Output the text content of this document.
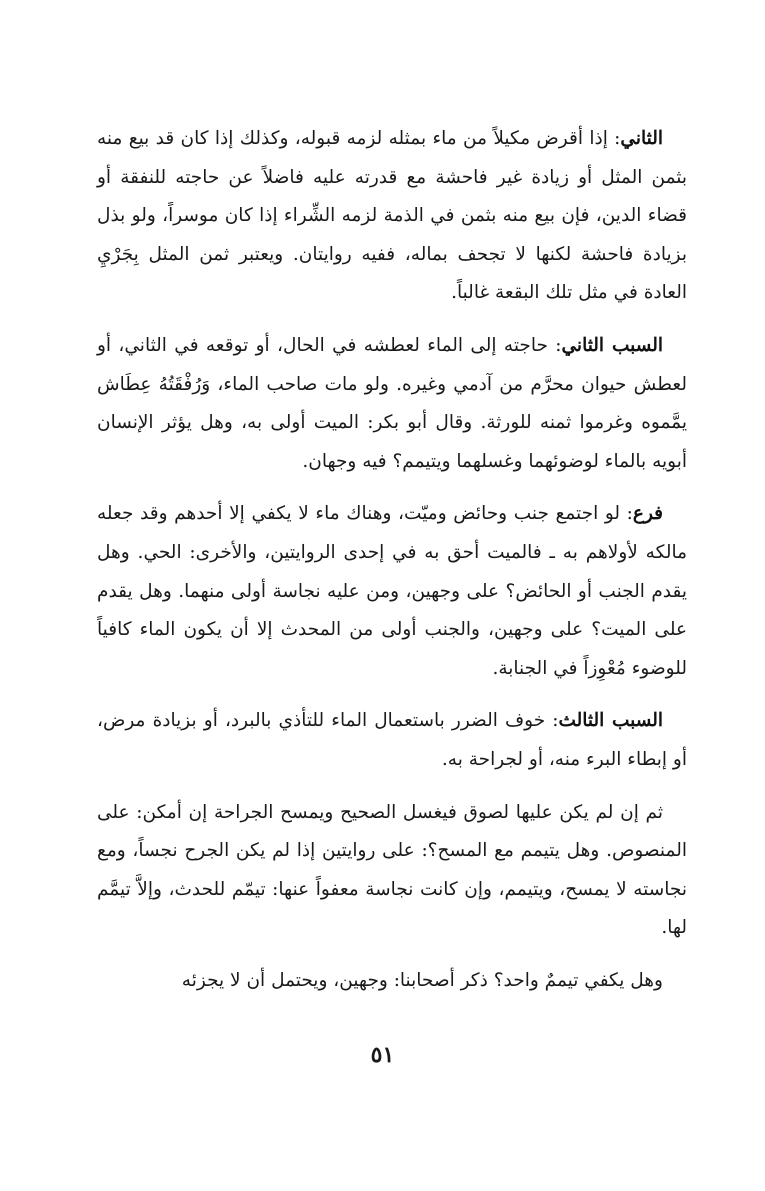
الثاني: إذا أقرض مكيلاً من ماء بمثله لزمه قبوله، وكذلك إذا كان قد بيع منه بثمن المثل أو زيادة غير فاحشة مع قدرته عليه فاضلاً عن حاجته للنفقة أو قضاء الدين، فإن بيع منه بثمن في الذمة لزمه الشِّراء إذا كان موسراً، ولو بذل بزيادة فاحشة لكنها لا تجحف بماله، ففيه روايتان. ويعتبر ثمن المثل بِجَرْيِ العادة في مثل تلك البقعة غالباً.

السبب الثاني: حاجته إلى الماء لعطشه في الحال، أو توقعه في الثاني، أو لعطش حيوان محرَّم من آدمي وغيره. ولو مات صاحب الماء، وَرُفْقَتُهُ عِطَاش يمَّموه وغرموا ثمنه للورثة. وقال أبو بكر: الميت أولى به، وهل يؤثر الإنسان أبويه بالماء لوضوئهما وغسلهما ويتيمم؟ فيه وجهان.

فرع: لو اجتمع جنب وحائض وميّت، وهناك ماء لا يكفي إلا أحدهم وقد جعله مالكه لأولاهم به ـ فالميت أحق به في إحدى الروايتين، والأخرى: الحي. وهل يقدم الجنب أو الحائض؟ على وجهين، ومن عليه نجاسة أولى منهما. وهل يقدم على الميت؟ على وجهين، والجنب أولى من المحدث إلا أن يكون الماء كافياً للوضوء مُعْوِزاً في الجنابة.

السبب الثالث: خوف الضرر باستعمال الماء للتأذي بالبرد، أو بزيادة مرض، أو إبطاء البرء منه، أو لجراحة به.

ثم إن لم يكن عليها لصوق فيغسل الصحيح ويمسح الجراحة إن أمكن: على المنصوص. وهل يتيمم مع المسح؟: على روايتين إذا لم يكن الجرح نجساً، ومع نجاسته لا يمسح، ويتيمم، وإن كانت نجاسة معفواً عنها: تيمّم للحدث، وإلاَّ تيمَّم لها.

وهل يكفي تيممٌ واحد؟ ذكر أصحابنا: وجهين، ويحتمل أن لا يجزئه

٥١
